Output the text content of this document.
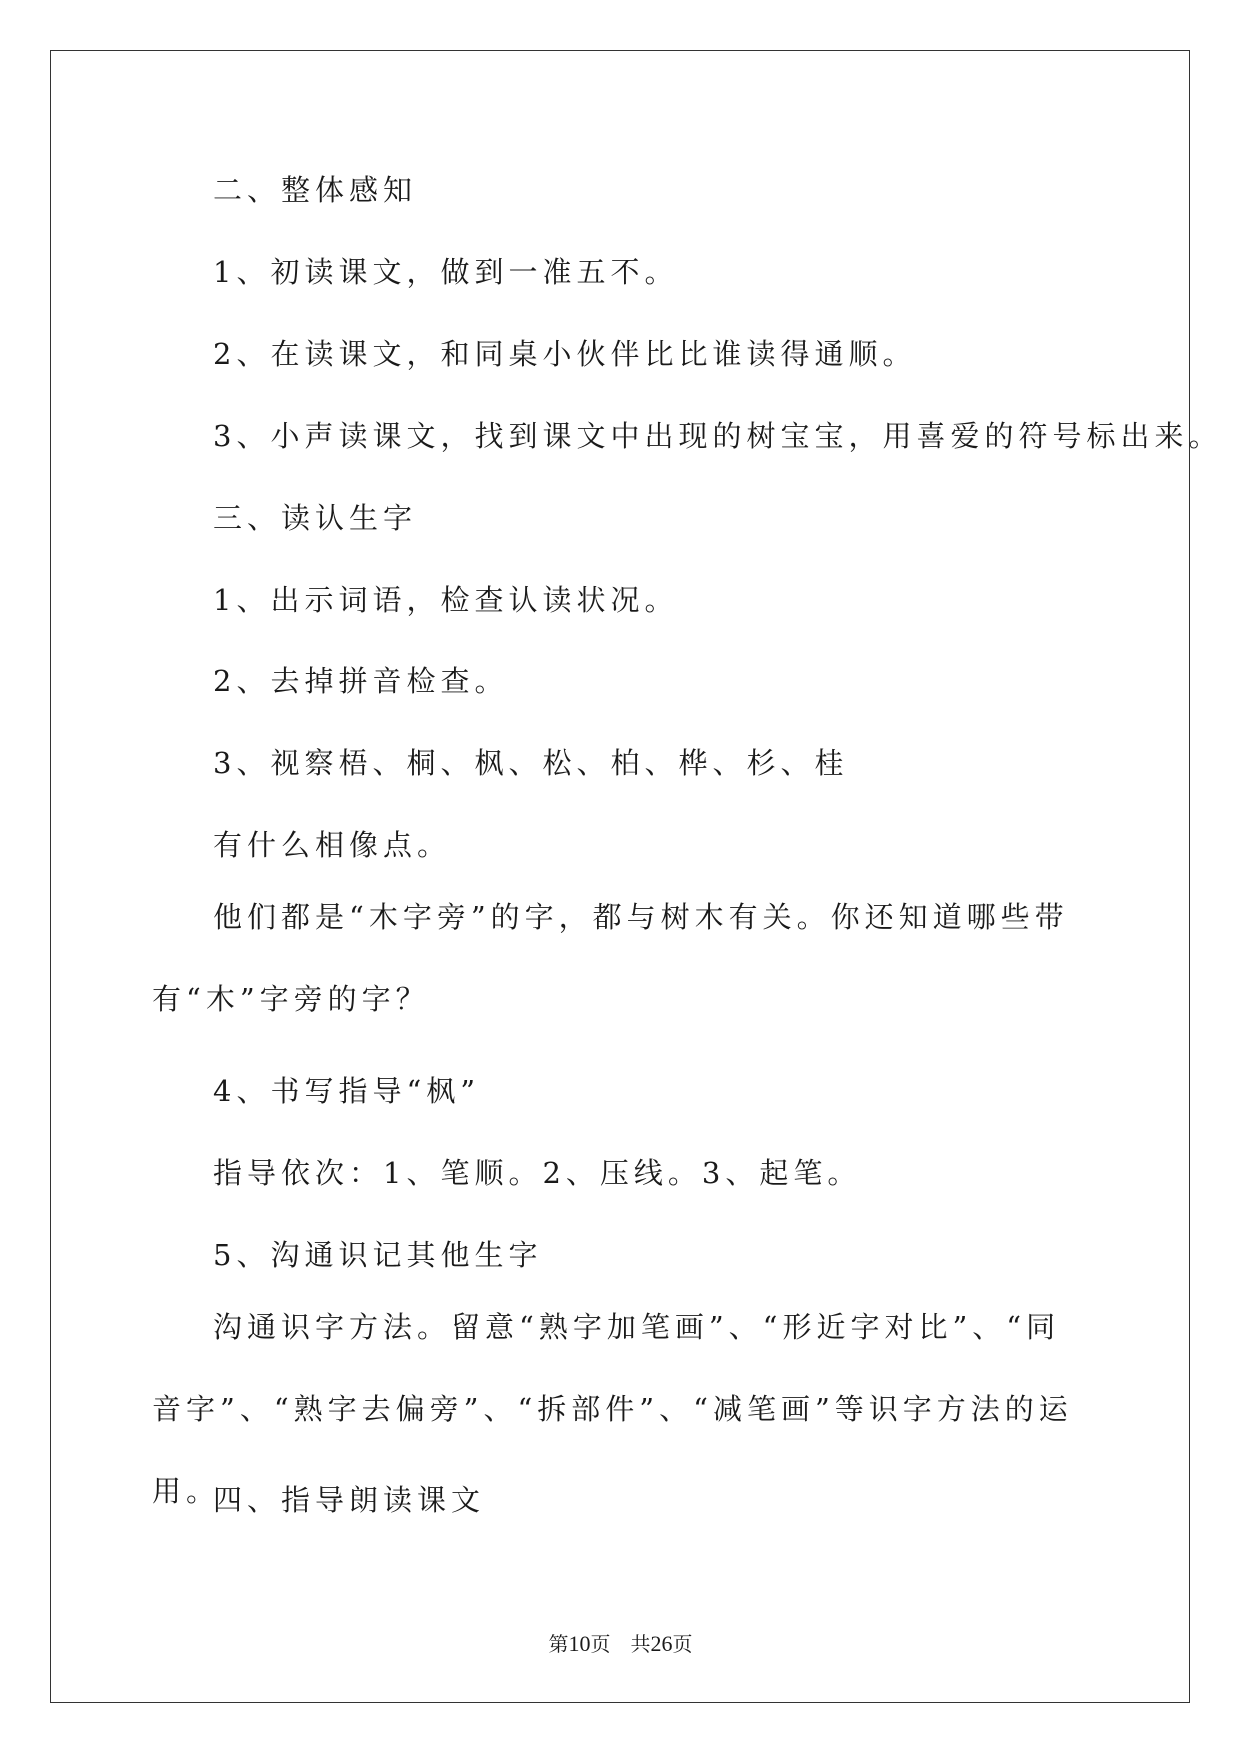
二、整体感知
1、初读课文，做到一准五不。
2、在读课文，和同桌小伙伴比比谁读得通顺。
3、小声读课文，找到课文中出现的树宝宝，用喜爱的符号标出来。
三、读认生字
1、出示词语，检查认读状况。
2、去掉拼音检查。
3、视察梧、桐、枫、松、柏、桦、杉、桂
有什么相像点。
他们都是“木字旁”的字，都与树木有关。你还知道哪些带有“木”字旁的字？
4、书写指导“枫”
指导依次：1、笔顺。2、压线。3、起笔。
5、沟通识记其他生字
沟通识字方法。留意“熟字加笔画”、“形近字对比”、“同音字”、“熟字去偏旁”、“拆部件”、“减笔画”等识字方法的运用。
四、指导朗读课文
第10页　共26页
